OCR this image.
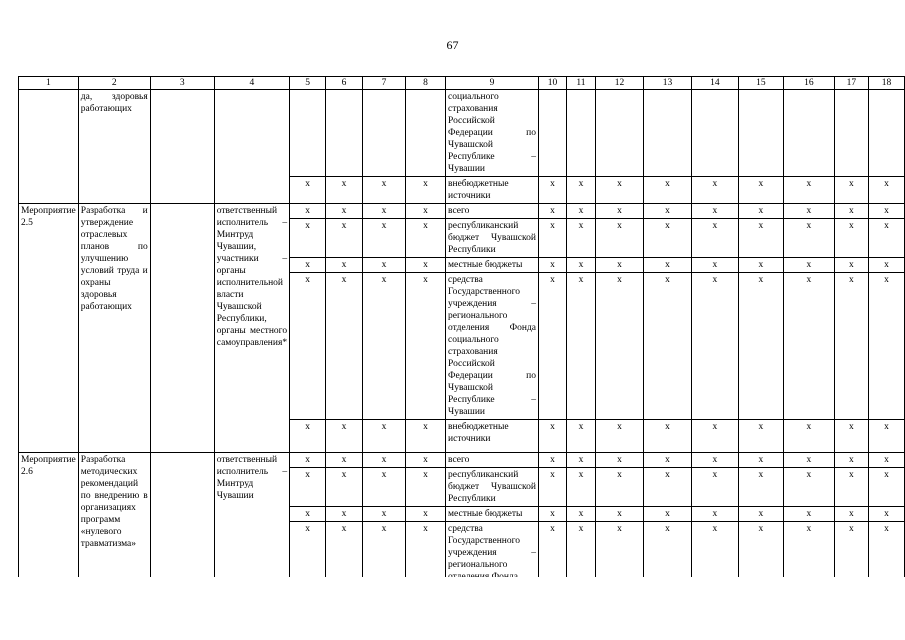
67
1	2	3	4	5	6	7	8	9	10	11	12	13	14	15	16	17	18
	да, здоровья работающих							социального страхования Российской Федерации по Чувашской Республике – Чувашии									
				x	x	x	x	внебюджетные источники	x	x	x	x	x	x	x	x	x
Мероприятие 2.5	Разработка и утверждение отраслевых планов по улучшению условий труда и охраны здоровья работающих		ответственный исполнитель – Минтруд Чувашии, участники – органы исполнительной власти Чувашской Республики, органы местного самоуправления*	x	x	x	x	всего	x	x	x	x	x	x	x	x	x
				x	x	x	x	республиканский бюджет Чувашской Республики	x	x	x	x	x	x	x	x	x
				x	x	x	x	местные бюджеты	x	x	x	x	x	x	x	x	x
				x	x	x	x	средства Государственного учреждения – регионального отделения Фонда социального страхования Российской Федерации по Чувашской Республике – Чувашии	x	x	x	x	x	x	x	x	x
				x	x	x	x	внебюджетные источники	x	x	x	x	x	x	x	x	x
Мероприятие 2.6	Разработка методических рекомендаций по внедрению в организациях программ «нулевого травматизма»		ответственный исполнитель – Минтруд Чувашии	x	x	x	x	всего	x	x	x	x	x	x	x	x	x
				x	x	x	x	республиканский бюджет Чувашской Республики	x	x	x	x	x	x	x	x	x
				x	x	x	x	местные бюджеты	x	x	x	x	x	x	x	x	x
				x	x	x	x	средства Государственного учреждения – регионального	x	x	x	x	x	x	x	x	x
